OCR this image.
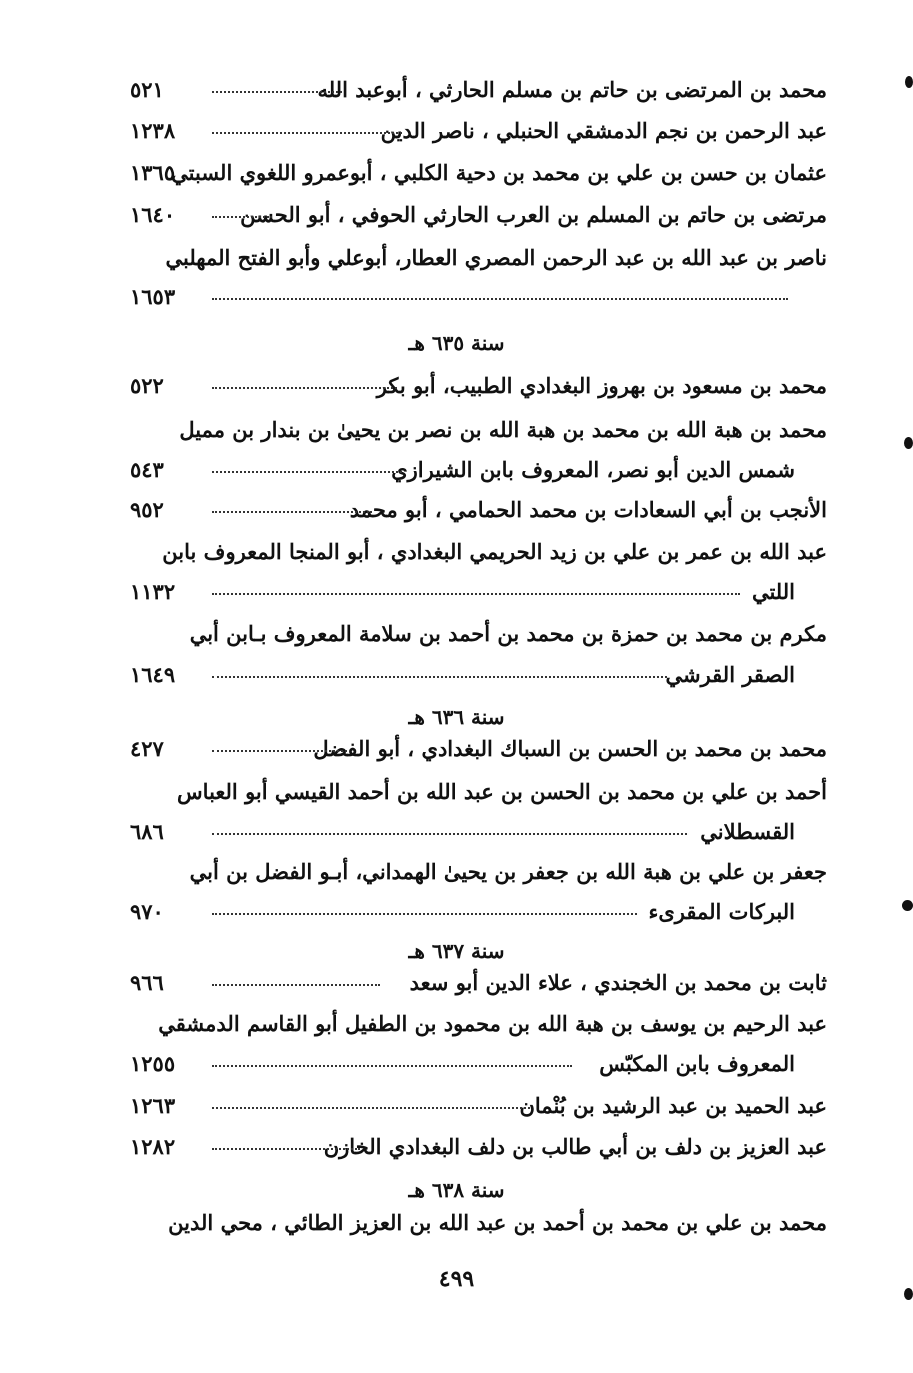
محمد بن المرتضى بن حاتم بن مسلم الحارثي ، أبوعبد الله
٥٢١
عبد الرحمن بن نجم الدمشقي الحنبلي ، ناصر الدين
١٢٣٨
عثمان بن حسن بن علي بن محمد بن دحية الكلبي ، أبوعمرو اللغوي السبتي
١٣٦٥
مرتضى بن حاتم بن المسلم بن العرب الحارثي الحوفي ، أبو الحسن
١٦٤٠
ناصر بن عبد الله بن عبد الرحمن المصري العطار، أبوعلي وأبو الفتح المهلبي
١٦٥٣
سنة ٦٣٥ هـ
محمد بن مسعود بن بهروز البغدادي الطبيب، أبو بكر
٥٢٢
محمد بن هبة الله بن محمد بن هبة الله بن نصر بن يحيىٰ بن بندار بن مميل
شمس الدين أبو نصر، المعروف بابن الشيرازي
٥٤٣
الأنجب بن أبي السعادات بن محمد الحمامي ، أبو محمد
٩٥٢
عبد الله بن عمر بن علي بن زيد الحريمي البغدادي ، أبو المنجا المعروف بابن
اللتي
١١٣٢
مكرم بن محمد بن حمزة بن محمد بن أحمد بن سلامة المعروف بـابن أبي
الصقر القرشي
١٦٤٩
سنة ٦٣٦ هـ
محمد بن محمد بن الحسن بن السباك البغدادي ، أبو الفضل
٤٢٧
أحمد بن علي بن محمد بن الحسن بن عبد الله بن أحمد القيسي أبو العباس
القسطلاني
٦٨٦
جعفر بن علي بن هبة الله بن جعفر بن يحيىٰ الهمداني، أبـو الفضل بن أبي
البركات المقرىء
٩٧٠
سنة ٦٣٧ هـ
ثابت بن محمد بن الخجندي ، علاء الدين أبو سعد
٩٦٦
عبد الرحيم بن يوسف بن هبة الله بن محمود بن الطفيل أبو القاسم الدمشقي
المعروف بابن المكبّس
١٢٥٥
عبد الحميد بن عبد الرشيد بن بُنْمان
١٢٦٣
عبد العزيز بن دلف بن أبي طالب بن دلف البغدادي الخازن
١٢٨٢
سنة ٦٣٨ هـ
محمد بن علي بن محمد بن أحمد بن عبد الله بن العزيز الطائي ، محي الدين
٤٩٩
